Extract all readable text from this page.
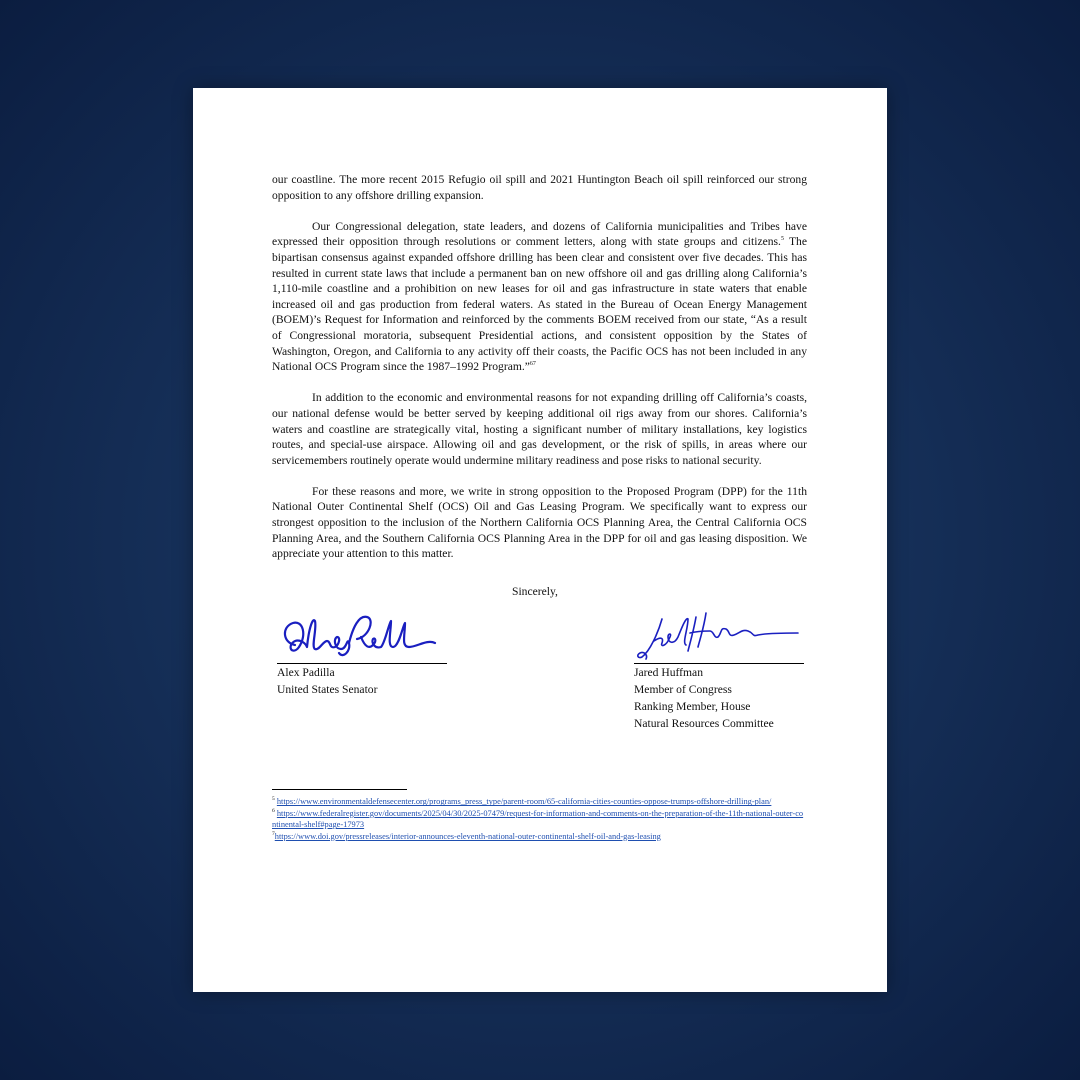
our coastline. The more recent 2015 Refugio oil spill and 2021 Huntington Beach oil spill reinforced our strong opposition to any offshore drilling expansion.

Our Congressional delegation, state leaders, and dozens of California municipalities and Tribes have expressed their opposition through resolutions or comment letters, along with state groups and citizens.$^5$ The bipartisan consensus against expanded offshore drilling has been clear and consistent over five decades. This has resulted in current state laws that include a permanent ban on new offshore oil and gas drilling along California’s 1,110-mile coastline and a prohibition on new leases for oil and gas infrastructure in state waters that enable increased oil and gas production from federal waters. As stated in the Bureau of Ocean Energy Management (BOEM)’s Request for Information and reinforced by the comments BOEM received from our state, “As a result of Congressional moratoria, subsequent Presidential actions, and consistent opposition by the States of Washington, Oregon, and California to any activity off their coasts, the Pacific OCS has not been included in any National OCS Program since the 1987–1992 Program.”$^{67}$

In addition to the economic and environmental reasons for not expanding drilling off California’s coasts, our national defense would be better served by keeping additional oil rigs away from our shores. California’s waters and coastline are strategically vital, hosting a significant number of military installations, key logistics routes, and special-use airspace. Allowing oil and gas development, or the risk of spills, in areas where our servicemembers routinely operate would undermine military readiness and pose risks to national security.

For these reasons and more, we write in strong opposition to the Proposed Program (DPP) for the 11th National Outer Continental Shelf (OCS) Oil and Gas Leasing Program. We specifically want to express our strongest opposition to the inclusion of the Northern California OCS Planning Area, the Central California OCS Planning Area, and the Southern California OCS Planning Area in the DPP for oil and gas leasing disposition. We appreciate your attention to this matter.

Sincerely,
Alex Padilla
United States Senator
Jared Huffman
Member of Congress
Ranking Member, House
Natural Resources Committee

$^5$ https://www.environmentaldefensecenter.org/programs_press_type/parent-room/65-california-cities-counties-oppose-trumps-offshore-drilling-plan/

$^6$ https://www.federalregister.gov/documents/2025/04/30/2025-07479/request-for-information-and-comments-on-the-preparation-of-the-11th-national-outer-continental-shelf#page-17973

$^7$https://www.doi.gov/pressreleases/interior-announces-eleventh-national-outer-continental-shelf-oil-and-gas-leasing
